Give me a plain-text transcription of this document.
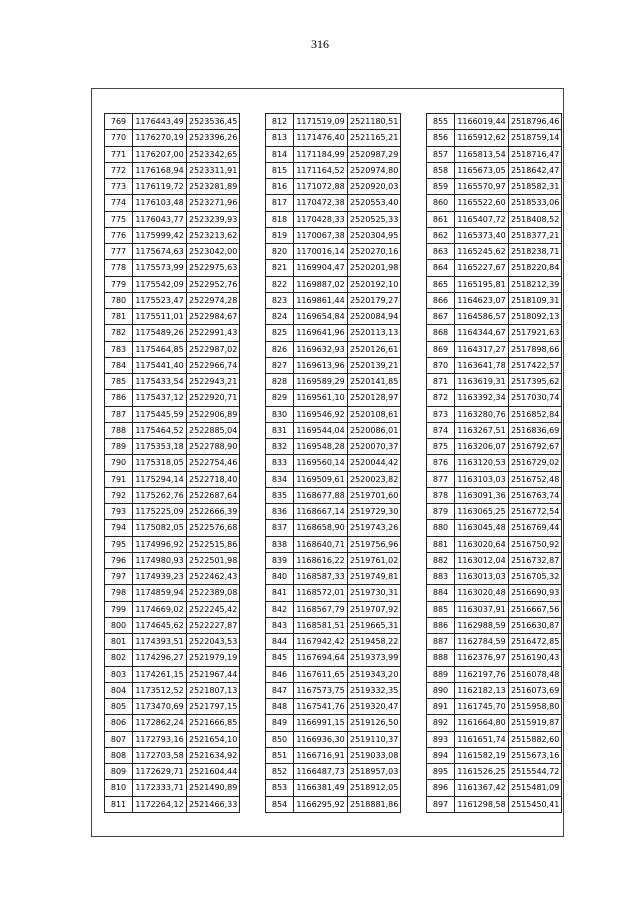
316
769	1176443,49	2523536,45
770	1176270,19	2523396,26
771	1176207,00	2523342,65
772	1176168,94	2523311,91
773	1176119,72	2523281,89
774	1176103,48	2523271,96
775	1176043,77	2523239,93
776	1175999,42	2523213,62
777	1175674,63	2523042,00
778	1175573,99	2522975,63
779	1175542,09	2522952,76
780	1175523,47	2522974,28
781	1175511,01	2522984,67
782	1175489,26	2522991,43
783	1175464,85	2522987,02
784	1175441,40	2522966,74
785	1175433,54	2522943,21
786	1175437,12	2522920,71
787	1175445,59	2522906,89
788	1175464,52	2522885,04
789	1175353,18	2522788,90
790	1175318,05	2522754,46
791	1175294,14	2522718,40
792	1175262,76	2522687,64
793	1175225,09	2522666,39
794	1175082,05	2522576,68
795	1174996,92	2522515,86
796	1174980,93	2522501,98
797	1174939,23	2522462,43
798	1174859,94	2522389,08
799	1174669,02	2522245,42
800	1174645,62	2522227,87
801	1174393,51	2522043,53
802	1174296,27	2521979,19
803	1174261,15	2521967,44
804	1173512,52	2521807,13
805	1173470,69	2521797,15
806	1172862,24	2521666,85
807	1172793,16	2521654,10
808	1172703,58	2521634,92
809	1172629,71	2521604,44
810	1172333,71	2521490,89
811	1172264,12	2521466,33
812	1171519,09	2521180,51
813	1171476,40	2521165,21
814	1171184,99	2520987,29
815	1171164,52	2520974,80
816	1171072,88	2520920,03
817	1170472,38	2520553,40
818	1170428,33	2520525,33
819	1170067,38	2520304,95
820	1170016,14	2520270,16
821	1169904,47	2520201,98
822	1169887,02	2520192,10
823	1169861,44	2520179,27
824	1169654,84	2520084,94
825	1169641,96	2520113,13
826	1169632,93	2520126,61
827	1169613,96	2520139,21
828	1169589,29	2520141,85
829	1169561,10	2520128,97
830	1169546,92	2520108,61
831	1169544,04	2520086,01
832	1169548,28	2520070,37
833	1169560,14	2520044,42
834	1169509,61	2520023,82
835	1168677,88	2519701,60
836	1168667,14	2519729,30
837	1168658,90	2519743,26
838	1168640,71	2519756,96
839	1168616,22	2519761,02
840	1168587,33	2519749,81
841	1168572,01	2519730,31
842	1168567,79	2519707,92
843	1168581,51	2519665,31
844	1167942,42	2519458,22
845	1167694,64	2519373,99
846	1167611,65	2519343,20
847	1167573,75	2519332,35
848	1167541,76	2519320,47
849	1166991,15	2519126,50
850	1166936,30	2519110,37
851	1166716,91	2519033,08
852	1166487,73	2518957,03
853	1166381,49	2518912,05
854	1166295,92	2518881,86
855	1166019,44	2518796,46
856	1165912,62	2518759,14
857	1165813,54	2518716,47
858	1165673,05	2518642,47
859	1165570,97	2518582,31
860	1165522,60	2518533,06
861	1165407,72	2518408,52
862	1165373,40	2518377,21
863	1165245,62	2518238,71
864	1165227,67	2518220,84
865	1165195,81	2518212,39
866	1164623,07	2518109,31
867	1164586,57	2518092,13
868	1164344,67	2517921,63
869	1164317,27	2517898,66
870	1163641,78	2517422,57
871	1163619,31	2517395,62
872	1163392,34	2517030,74
873	1163280,76	2516852,84
874	1163267,51	2516836,69
875	1163206,07	2516792,67
876	1163120,53	2516729,02
877	1163103,03	2516752,48
878	1163091,36	2516763,74
879	1163065,25	2516772,54
880	1163045,48	2516769,44
881	1163020,64	2516750,92
882	1163012,04	2516732,87
883	1163013,03	2516705,32
884	1163020,48	2516690,93
885	1163037,91	2516667,56
886	1162988,59	2516630,87
887	1162784,59	2516472,85
888	1162376,97	2516190,43
889	1162197,76	2516078,48
890	1162182,13	2516073,69
891	1161745,70	2515958,80
892	1161664,80	2515919,87
893	1161651,74	2515882,60
894	1161582,19	2515673,16
895	1161526,25	2515544,72
896	1161367,42	2515481,09
897	1161298,58	2515450,41
